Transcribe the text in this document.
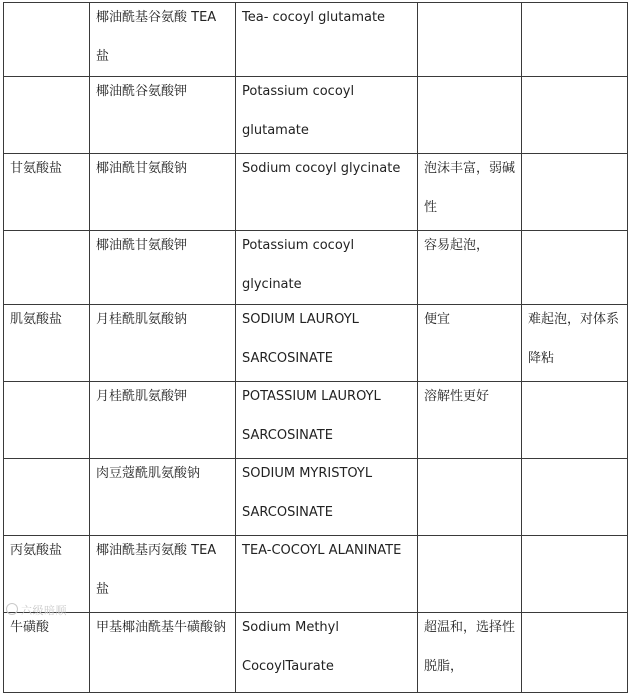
	椰油酰基谷氨酸 TEA 盐	Tea- cocoyl glutamate		

	椰油酰谷氨酸钾	Potassium cocoyl glutamate		

甘氨酸盐	椰油酰甘氨酸钠	Sodium cocoyl glycinate	泡沫丰富，弱碱性	

	椰油酰甘氨酸钾	Potassium cocoyl glycinate	容易起泡，	

肌氨酸盐	月桂酰肌氨酸钠	SODIUM LAUROYL SARCOSINATE	便宜	难起泡，对体系降粘

	月桂酰肌氨酸钾	POTASSIUM LAUROYL SARCOSINATE	溶解性更好	

	肉豆蔻酰肌氨酸钠	SODIUM MYRISTOYL SARCOSINATE		

丙氨酸盐	椰油酰基丙氨酸 TEA 盐	TEA-COCOYL ALANINATE		

牛磺酸	甲基椰油酰基牛磺酸钠	Sodium Methyl CocoylTaurate	超温和，选择性脱脂，	

六级暗顺
